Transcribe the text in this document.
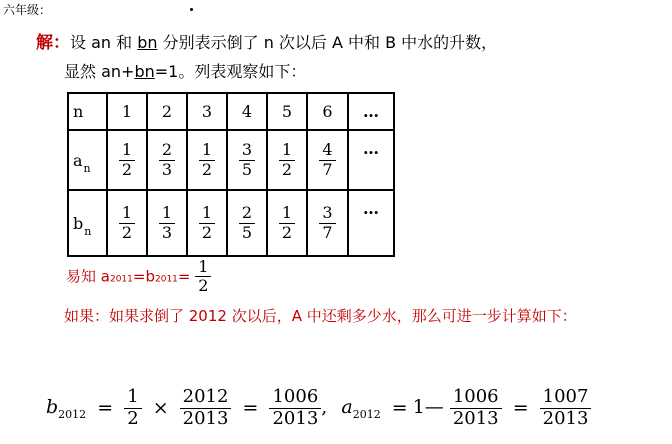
六年级：
解：设 an 和 bn 分别表示倒了 n 次以后 A 中和 B 中水的升数，
显然 an+bn=1。列表观察如下：
n	1	2	3	4	5	6	…
$a_n$	$\frac{1}{2}$	$\frac{2}{3}$	$\frac{1}{2}$	$\frac{3}{5}$	$\frac{1}{2}$	$\frac{4}{7}$	…
$b_n$	$\frac{1}{2}$	$\frac{1}{3}$	$\frac{1}{2}$	$\frac{2}{5}$	$\frac{1}{2}$	$\frac{3}{7}$	…
易知 $a2011=b2011= \frac{1}{2}$
如果：如果求倒了 2012 次以后，A 中还剩多少水，那么可进一步计算如下：
$b_{2012} = \frac{1}{2} \times \frac{2012}{2013} = \frac{1006}{2013}$ , $a_{2012}$ = 1— $\frac{1006}{2013} = \frac{1007}{2013}$
